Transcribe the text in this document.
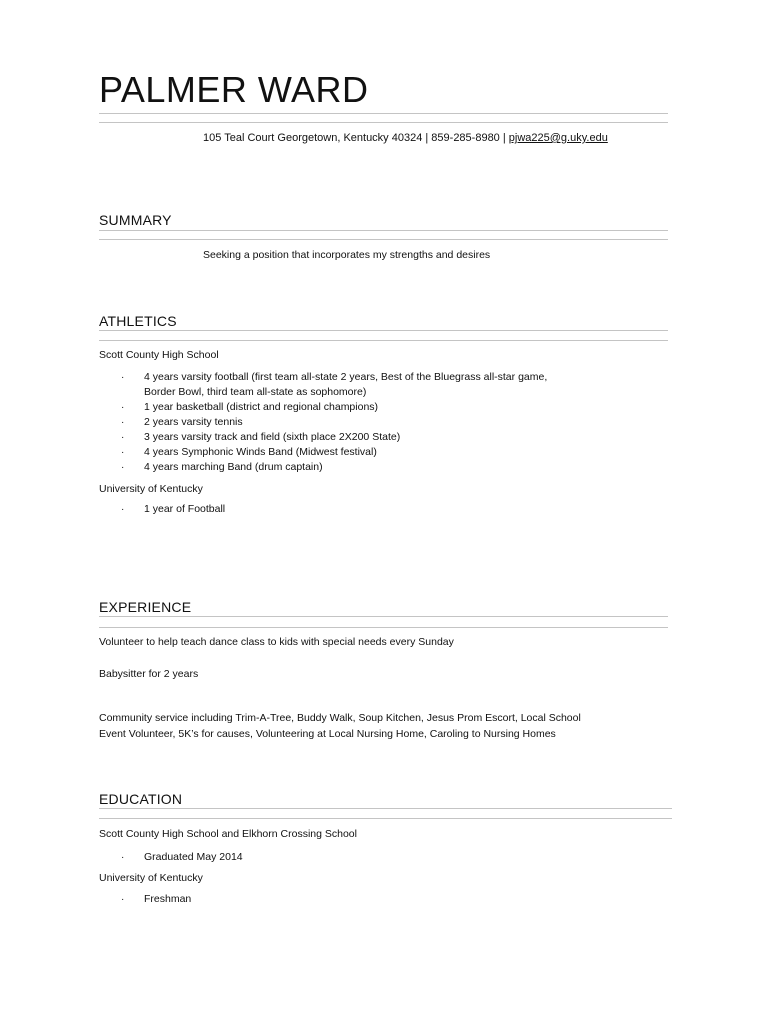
PALMER WARD
105 Teal Court Georgetown, Kentucky 40324 | 859-285-8980 | pjwa225@g.uky.edu
SUMMARY

Seeking a position that incorporates my strengths and desires

ATHLETICS

Scott County High School

· 4 years varsity football (first team all-state 2 years, Best of the Bluegrass all-star game,
Border Bowl, third team all-state as sophomore)
· 1 year basketball (district and regional champions)
· 2 years varsity tennis
· 3 years varsity track and field (sixth place 2X200 State)
· 4 years Symphonic Winds Band (Midwest festival)
· 4 years marching Band (drum captain)

University of Kentucky

· 1 year of Football
EXPERIENCE

Volunteer to help teach dance class to kids with special needs every Sunday

Babysitter for 2 years

Community service including Trim-A-Tree, Buddy Walk, Soup Kitchen, Jesus Prom Escort, Local School

Event Volunteer, 5K’s for causes, Volunteering at Local Nursing Home, Caroling to Nursing Homes

EDUCATION

Scott County High School and Elkhorn Crossing School

· Graduated May 2014

University of Kentucky

· Freshman
